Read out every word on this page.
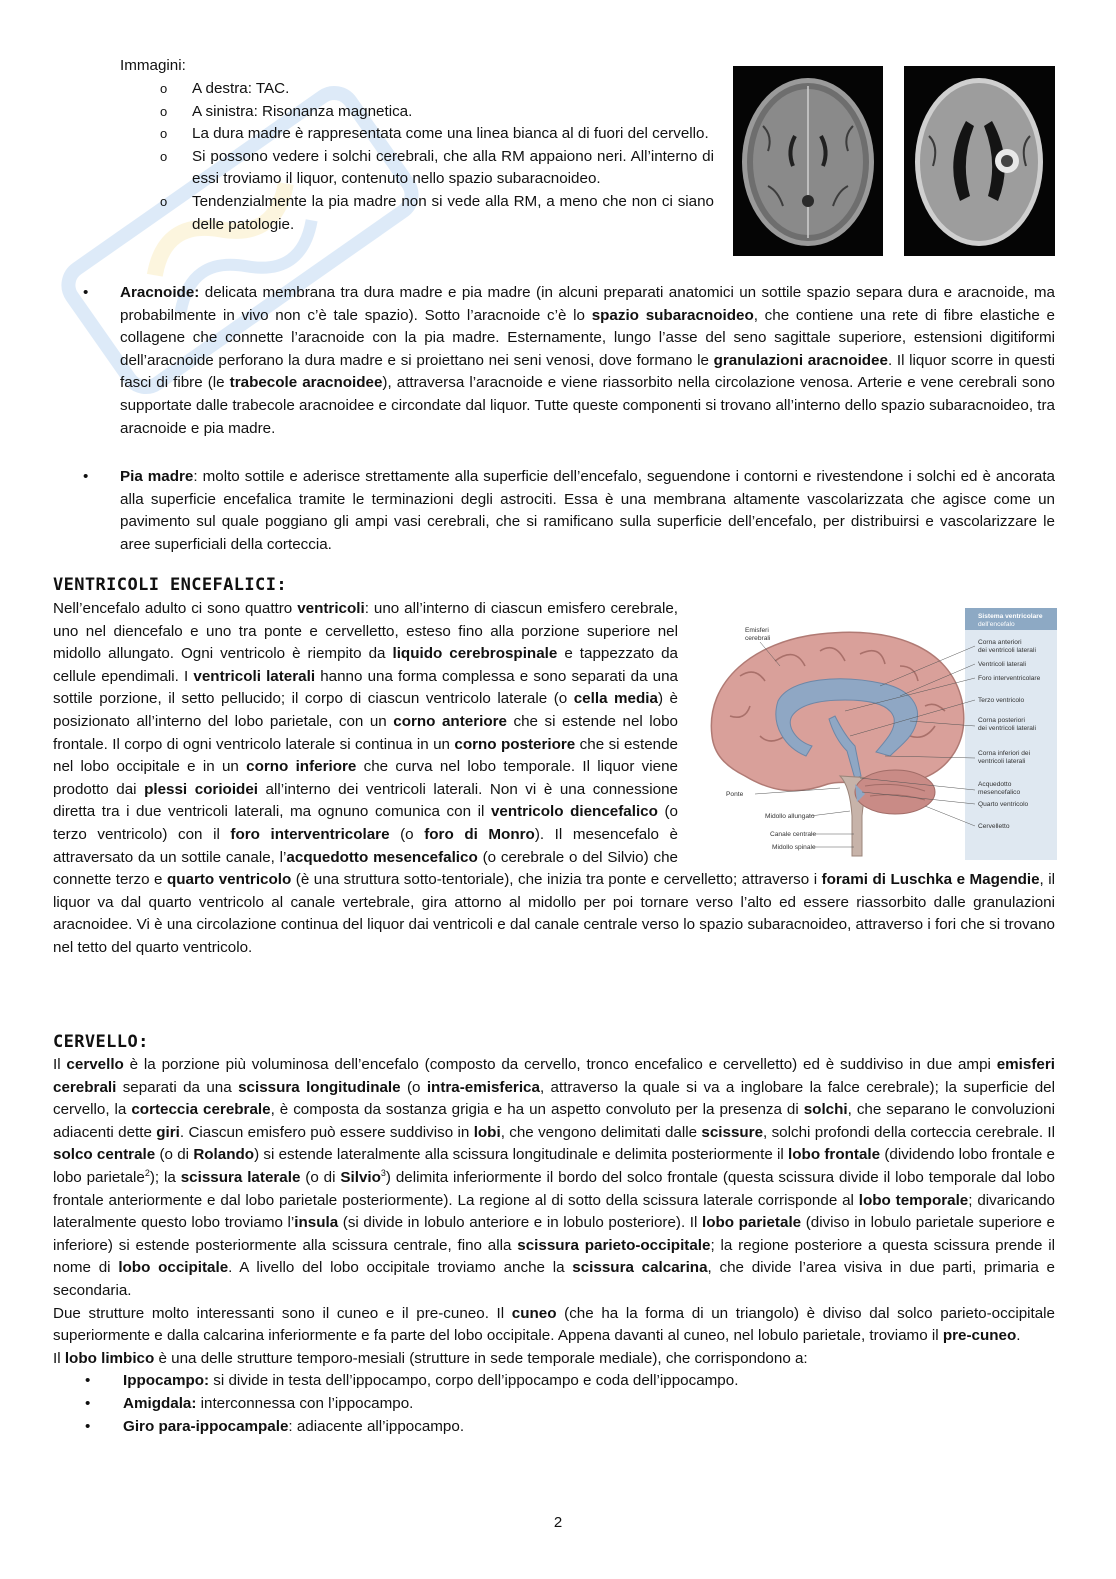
Immagini:

o	A destra: TAC.
o	A sinistra: Risonanza magnetica.
o	La dura madre è rappresentata come una linea bianca al di fuori del cervello.
o	Si possono vedere i solchi cerebrali, che alla RM appaiono neri. All’interno di essi troviamo il liquor, contenuto nello spazio subaracnoideo.
o	Tendenzialmente la pia madre non si vede alla RM, a meno che non ci siano delle patologie.
•	Aracnoide: delicata membrana tra dura madre e pia madre (in alcuni preparati anatomici un sottile spazio separa dura e aracnoide, ma probabilmente in vivo non c’è tale spazio). Sotto l’aracnoide c’è lo spazio subaracnoideo, che contiene una rete di fibre elastiche e collagene che connette l’aracnoide con la pia madre. Esternamente, lungo l’asse del seno sagittale superiore, estensioni digitiformi dell’aracnoide perforano la dura madre e si proiettano nei seni venosi, dove formano le granulazioni aracnoidee. Il liquor scorre in questi fasci di fibre (le trabecole aracnoidee), attraversa l’aracnoide e viene riassorbito nella circolazione venosa. Arterie e vene cerebrali sono supportate dalle trabecole aracnoidee e circondate dal liquor. Tutte queste componenti si trovano all’interno dello spazio subaracnoideo, tra aracnoide e pia madre.

•	Pia madre: molto sottile e aderisce strettamente alla superficie dell’encefalo, seguendone i contorni e rivestendone i solchi ed è ancorata alla superficie encefalica tramite le terminazioni degli astrociti. Essa è una membrana altamente vascolarizzata che agisce come un pavimento sul quale poggiano gli ampi vasi cerebrali, che si ramificano sulla superficie dell’encefalo, per distribuirsi e vascolarizzare le aree superficiali della corteccia.

VENTRICOLI ENCEFALICI:

Nell’encefalo adulto ci sono quattro ventricoli: uno all’interno di ciascun emisfero cerebrale, uno nel diencefalo e uno tra ponte e cervelletto, esteso fino alla porzione superiore nel midollo allungato. Ogni ventricolo è riempito da liquido cerebrospinale e tappezzato da cellule ependimali. I ventricoli laterali hanno una forma complessa e sono separati da una sottile porzione, il setto pellucido; il corpo di ciascun ventricolo laterale (o cella media) è posizionato all’interno del lobo parietale, con un corno anteriore che si estende nel lobo frontale. Il corpo di ogni ventricolo laterale si continua in un corno posteriore che si estende nel lobo occipitale e in un corno inferiore che curva nel lobo temporale. Il liquor viene prodotto dai plessi corioidei all’interno dei ventricoli laterali. Non vi è una connessione diretta tra i due ventricoli laterali, ma ognuno comunica con il ventricolo diencefalico (o terzo ventricolo) con il foro interventricolare (o foro di Monro). Il mesencefalo è attraversato da un sottile canale, l’acquedotto mesencefalico (o cerebrale o del Silvio) che connette terzo e quarto ventricolo (è una struttura sotto-tentoriale), che inizia tra ponte e cervelletto; attraverso i forami di Luschka e Magendie, il liquor va dal quarto ventricolo al canale vertebrale, gira attorno al midollo per poi tornare verso l’alto ed essere riassorbito dalle granulazioni aracnoidee. Vi è una circolazione continua del liquor dai ventricoli e dal canale centrale verso lo spazio subaracnoideo, attraverso i fori che si trovano nel tetto del quarto ventricolo.

Sistema ventricolare
dell’encefalo
Emisferi
cerebrali
Ponte
Midollo allungato
Canale centrale
Midollo spinale
Corna anteriori
dei ventricoli laterali
Ventricoli laterali
Foro interventricolare
Terzo ventricolo
Corna posteriori
dei ventricoli laterali
Corna inferiori dei
ventricoli laterali
Acquedotto
mesencefalico
Quarto ventricolo
Cervelletto
CERVELLO:

Il cervello è la porzione più voluminosa dell’encefalo (composto da cervello, tronco encefalico e cervelletto) ed è suddiviso in due ampi emisferi cerebrali separati da una scissura longitudinale (o intra-emisferica, attraverso la quale si va a inglobare la falce cerebrale); la superficie del cervello, la corteccia cerebrale, è composta da sostanza grigia e ha un aspetto convoluto per la presenza di solchi, che separano le convoluzioni adiacenti dette giri. Ciascun emisfero può essere suddiviso in lobi, che vengono delimitati dalle scissure, solchi profondi della corteccia cerebrale. Il solco centrale (o di Rolando) si estende lateralmente alla scissura longitudinale e delimita posteriormente il lobo frontale (dividendo lobo frontale e lobo parietale$^2$); la scissura laterale (o di Silvio$^3$) delimita inferiormente il bordo del solco frontale (questa scissura divide il lobo temporale dal lobo frontale anteriormente e dal lobo parietale posteriormente). La regione al di sotto della scissura laterale corrisponde al lobo temporale; divaricando lateralmente questo lobo troviamo l’insula (si divide in lobulo anteriore e in lobulo posteriore). Il lobo parietale (diviso in lobulo parietale superiore e inferiore) si estende posteriormente alla scissura centrale, fino alla scissura parieto-occipitale; la regione posteriore a questa scissura prende il nome di lobo occipitale. A livello del lobo occipitale troviamo anche la scissura calcarina, che divide l’area visiva in due parti, primaria e secondaria.

Due strutture molto interessanti sono il cuneo e il pre-cuneo. Il cuneo (che ha la forma di un triangolo) è diviso dal solco parieto-occipitale superiormente e dalla calcarina inferiormente e fa parte del lobo occipitale. Appena davanti al cuneo, nel lobulo parietale, troviamo il pre-cuneo.

Il lobo limbico è una delle strutture temporo-mesiali (strutture in sede temporale mediale), che corrispondono a:

•	Ippocampo: si divide in testa dell’ippocampo, corpo dell’ippocampo e coda dell’ippocampo.
•	Amigdala: interconnessa con l’ippocampo.
•	Giro para-ippocampale: adiacente all’ippocampo.
2
